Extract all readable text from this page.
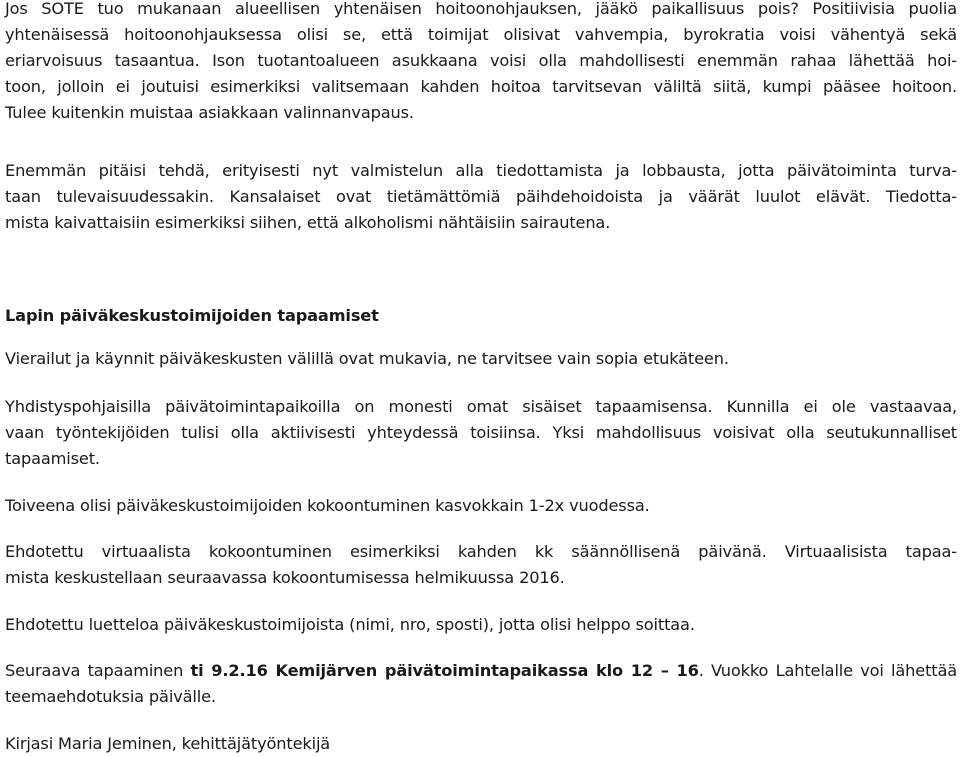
Jos SOTE tuo mukanaan alueellisen yhtenäisen hoitoonohjauksen, jääkö paikallisuus pois? Positiivisia puolia
yhtenäisessä hoitoonohjauksessa olisi se, että toimijat olisivat vahvempia, byrokratia voisi vähentyä sekä
eriarvoisuus tasaantua. Ison tuotantoalueen asukkaana voisi olla mahdollisesti enemmän rahaa lähettää hoi-
toon, jolloin ei joutuisi esimerkiksi valitsemaan kahden hoitoa tarvitsevan väliltä siitä, kumpi pääsee hoitoon.
Tulee kuitenkin muistaa asiakkaan valinnanvapaus.

Enemmän pitäisi tehdä, erityisesti nyt valmistelun alla tiedottamista ja lobbausta, jotta päivätoiminta turva-
taan tulevaisuudessakin. Kansalaiset ovat tietämättömiä päihdehoidoista ja väärät luulot elävät. Tiedotta-
mista kaivattaisiin esimerkiksi siihen, että alkoholismi nähtäisiin sairautena.

Lapin päiväkeskustoimijoiden tapaamiset

Vierailut ja käynnit päiväkeskusten välillä ovat mukavia, ne tarvitsee vain sopia etukäteen.

Yhdistyspohjaisilla päivätoimintapaikoilla on monesti omat sisäiset tapaamisensa. Kunnilla ei ole vastaavaa,
vaan työntekijöiden tulisi olla aktiivisesti yhteydessä toisiinsa. Yksi mahdollisuus voisivat olla seutukunnalliset
tapaamiset.

Toiveena olisi päiväkeskustoimijoiden kokoontuminen kasvokkain 1-2x vuodessa.

Ehdotettu virtuaalista kokoontuminen esimerkiksi kahden kk säännöllisenä päivänä. Virtuaalisista tapaa-
mista keskustellaan seuraavassa kokoontumisessa helmikuussa 2016.

Ehdotettu luetteloa päiväkeskustoimijoista (nimi, nro, sposti), jotta olisi helppo soittaa.

Seuraava tapaaminen ti 9.2.16 Kemijärven päivätoimintapaikassa klo 12 – 16. Vuokko Lahtelalle voi lähettää
teemaehdotuksia päivälle.

Kirjasi Maria Jeminen, kehittäjätyöntekijä
